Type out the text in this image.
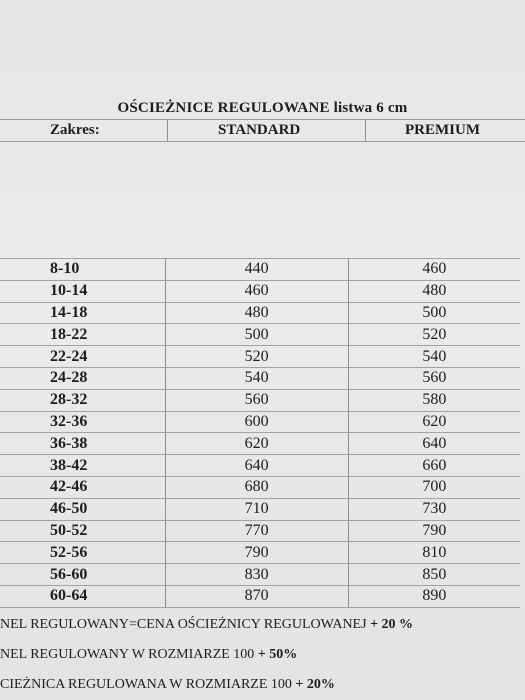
OŚCIEŻNICE REGULOWANE listwa 6 cm
Zakres:	STANDARD	PREMIUM
8-10	440	460
10-14	460	480
14-18	480	500
18-22	500	520
22-24	520	540
24-28	540	560
28-32	560	580
32-36	600	620
36-38	620	640
38-42	640	660
42-46	680	700
46-50	710	730
50-52	770	790
52-56	790	810
56-60	830	850
60-64	870	890
NEL REGULOWANY=CENA OŚCIEŻNICY REGULOWANEJ + 20 %
NEL REGULOWANY W ROZMIARZE 100 + 50%
CIEŻNICA REGULOWANA W ROZMIARZE 100 + 20%
